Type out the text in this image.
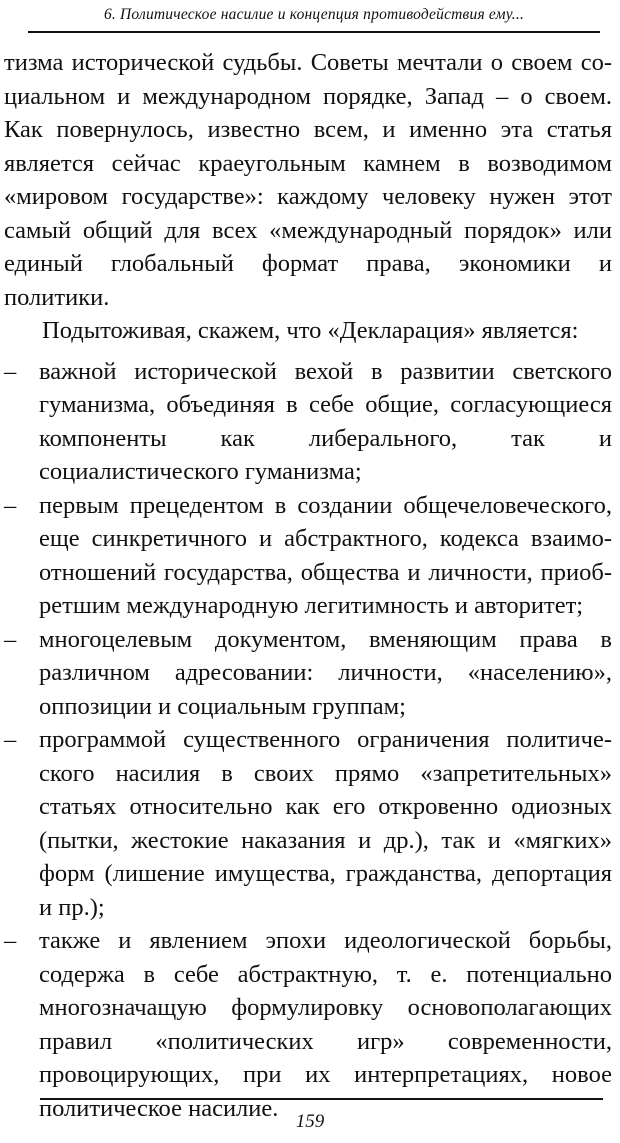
6. Политическое насилие и концепция противодействия ему...

тизма исторической судьбы. Советы мечтали о своем социальном и международном порядке, Запад – о своем. Как повернулось, известно всем, и именно эта статья является сейчас краеугольным камнем в возводимом «мировом государстве»: каждому человеку нужен этот самый общий для всех «международный порядок» или единый глобальный формат права, экономики и политики.

Подытоживая, скажем, что «Декларация» является:

– важной исторической вехой в развитии светского гуманизма, объединяя в себе общие, согласующиеся компоненты как либерального, так и социалистического гуманизма;
– первым прецедентом в создании общечеловеческого, еще синкретичного и абстрактного, кодекса взаимоотношений государства, общества и личности, приобретшим международную легитимность и авторитет;
– многоцелевым документом, вменяющим права в различном адресовании: личности, «населению», оппозиции и социальным группам;
– программой существенного ограничения политического насилия в своих прямо «запретительных» статьях относительно как его откровенно одиозных (пытки, жестокие наказания и др.), так и «мягких» форм (лишение имущества, гражданства, депортация и пр.);
– также и явлением эпохи идеологической борьбы, содержа в себе абстрактную, т. е. потенциально многозначащую формулировку основополагающих правил «политических игр» современности, провоцирующих, при их интерпретациях, новое политическое насилие. 159
